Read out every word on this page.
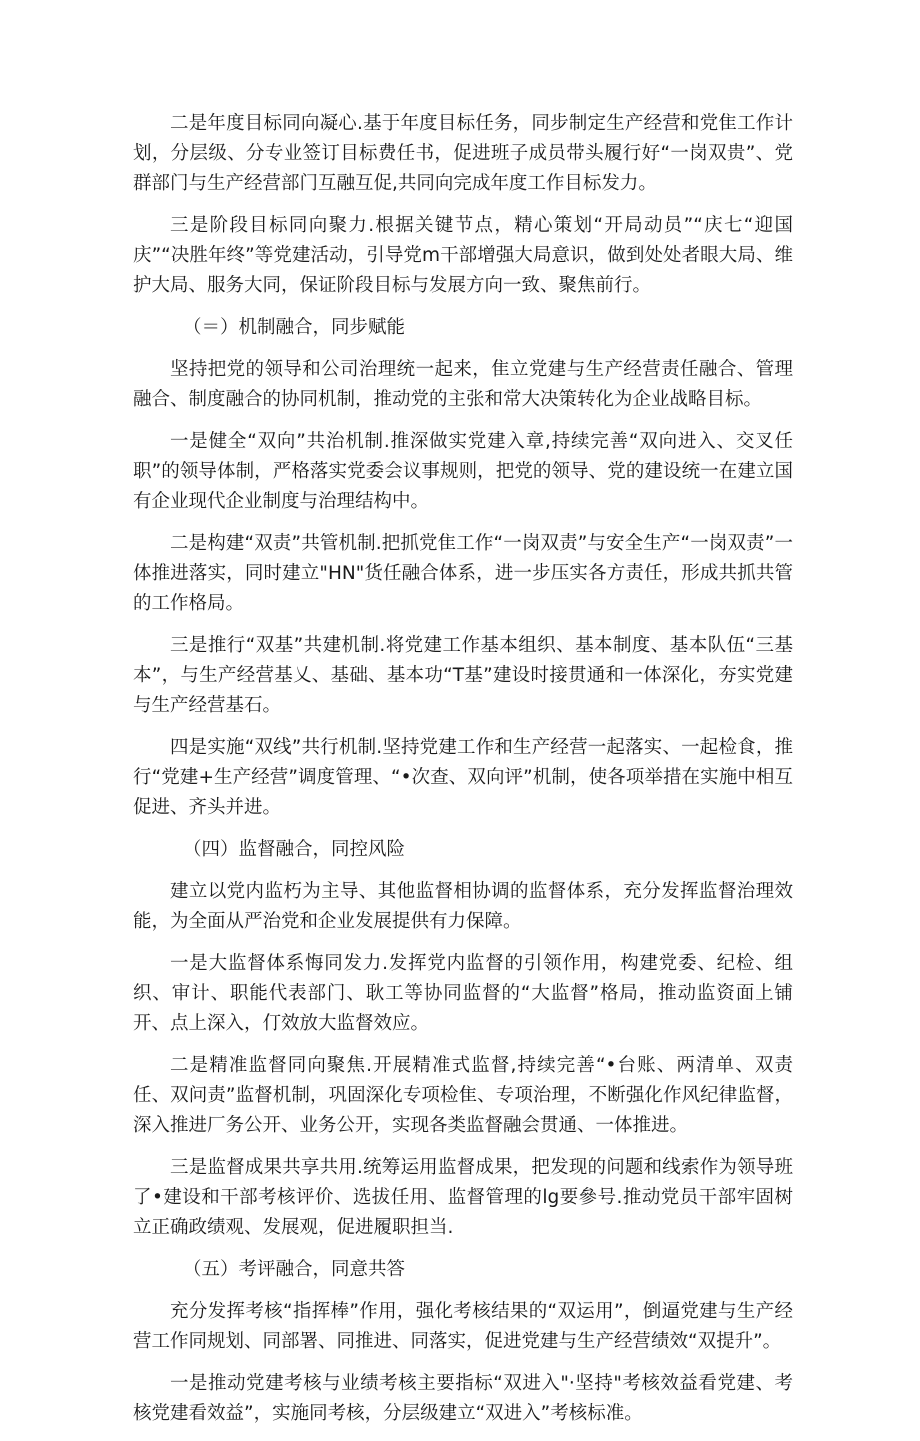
二是年度目标同向凝心.基于年度目标任务，同步制定生产经营和党隹工作计划，分层级、分专业签订目标费任书，促进班子成员带头履行好“一岗双贵”、党群部门与生产经营部门互融互促,共同向完成年度工作目标发力。

三是阶段目标同向聚力.根据关键节点，精心策划“开局动员”“庆七“迎国庆”“决胜年终”等党建活动，引导党m干部增强大局意识，做到处处者眼大局、维护大局、服务大同，保证阶段目标与发展方向一致、聚焦前行。

（＝）机制融合，同步赋能

坚持把党的领导和公司治理统一起来，隹立党建与生产经营责任融合、管理融合、制度融合的协同机制，推动党的主张和常大决策转化为企业战略目标。

一是健全“双向”共治机制.推深做实党建入章,持续完善“双向进入、交叉任职”的领导体制，严格落实党委会议事规则，把党的领导、党的建设统一在建立国有企业现代企业制度与治理结构中。

二是构建“双责”共管机制.把抓党隹工作“一岗双责”与安全生产“一岗双责”一体推进落实，同时建立"HN"货任融合体系，进一步压实各方责任，形成共抓共管的工作格局。

三是推行“双基”共建机制.将党建工作基本组织、基本制度、基本队伍“三基本”，与生产经营基乂、基础、基本功“T基”建设时接贯通和一体深化，夯实党建与生产经营基石。

四是实施“双线”共行机制.坚持党建工作和生产经营一起落实、一起检食，推行“党建+生产经营”调度管理、“•次查、双向评”机制，使各项举措在实施中相互促进、齐头并进。

（四）监督融合，同控风险

建立以党内监朽为主导、其他监督相协调的监督体系，充分发挥监督治理效能，为全面从严治党和企业发展提供有力保障。

一是大监督体系悔同发力.发挥党内监督的引领作用，构建党委、纪检、组织、审计、职能代表部门、耿工等协同监督的“大监督”格局，推动监资面上铺开、点上深入，仃效放大监督效应。

二是精准监督同向聚焦.开展精准式监督,持续完善“•台账、两清单、双责任、双问责”监督机制，巩固深化专项检隹、专项治理，不断强化作风纪律监督，深入推进厂务公开、业务公开，实现各类监督融会贯通、一体推进。

三是监督成果共享共用.统筹运用监督成果，把发现的问题和线索作为领导班了•建设和干部考核评价、选拔任用、监督管理的lg要參号.推动党员干部牢固树立正确政绩观、发展观，促进履职担当.

（五）考评融合，同意共答

充分发挥考核“指挥棒”作用，强化考核结果的“双运用”，倒逼党建与生产经营工作同规划、同部署、同推进、同落实，促进党建与生产经营绩效“双提升”。

一是推动党建考核与业绩考核主要指标“双进入"·坚持"考核效益看党建、考核党建看效益”，实施同考核，分层级建立“双进入”考核标准。
